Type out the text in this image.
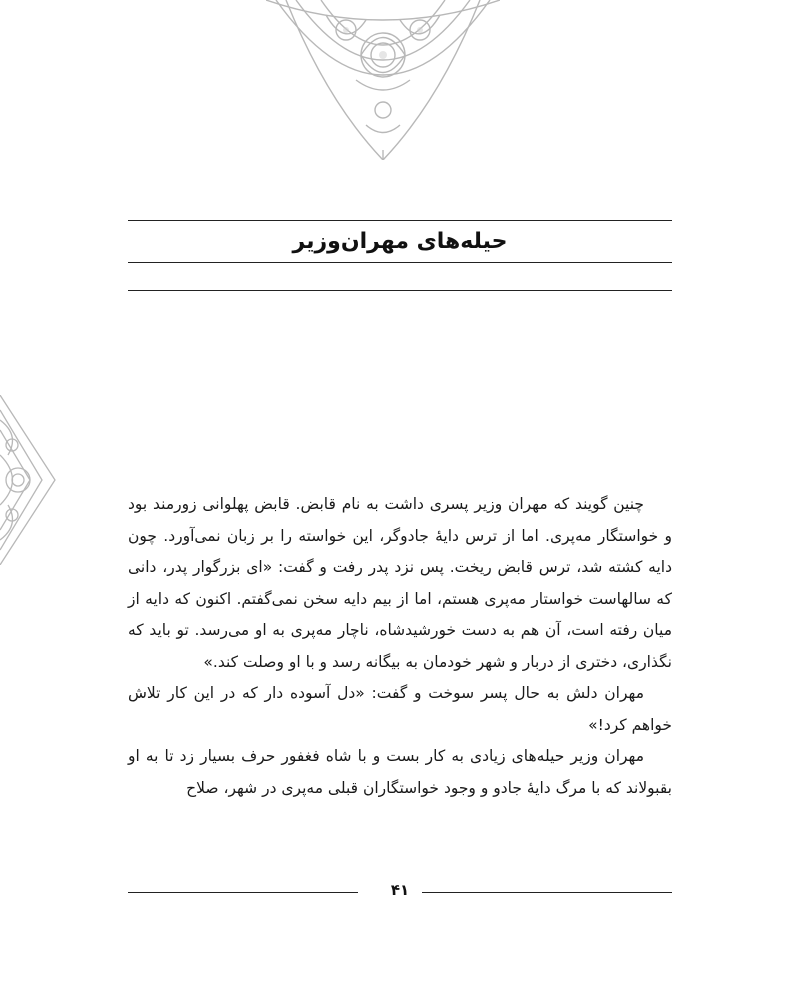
حیله‌های مهران‌وزیر

چنین گویند که مهران وزیر پسری داشت به نام قابض. قابض پهلوانی زورمند بود و خواستگار مه‌پری. اما از ترس دایهٔ جادوگر، این خواسته را بر زبان نمی‌آورد. چون دایه کشته شد، ترس قابض ریخت. پس نزد پدر رفت و گفت: «ای بزرگوار پدر، دانی که سالهاست خواستار مه‌پری هستم، اما از بیم دایه سخن نمی‌گفتم. اکنون که دایه از میان رفته است، آن هم به دست خورشیدشاه، ناچار مه‌پری به او می‌رسد. تو باید که نگذاری، دختری از دربار و شهر خودمان به بیگانه رسد و با او وصلت کند.»

مهران دلش به حال پسر سوخت و گفت: «دل آسوده دار که در این کار تلاش خواهم کرد!»

مهران وزیر حیله‌های زیادی به کار بست و با شاه فغفور حرف بسیار زد تا به او بقبولاند که با مرگ دایهٔ جادو و وجود خواستگاران قبلی مه‌پری در شهر، صلاح

۴۱
